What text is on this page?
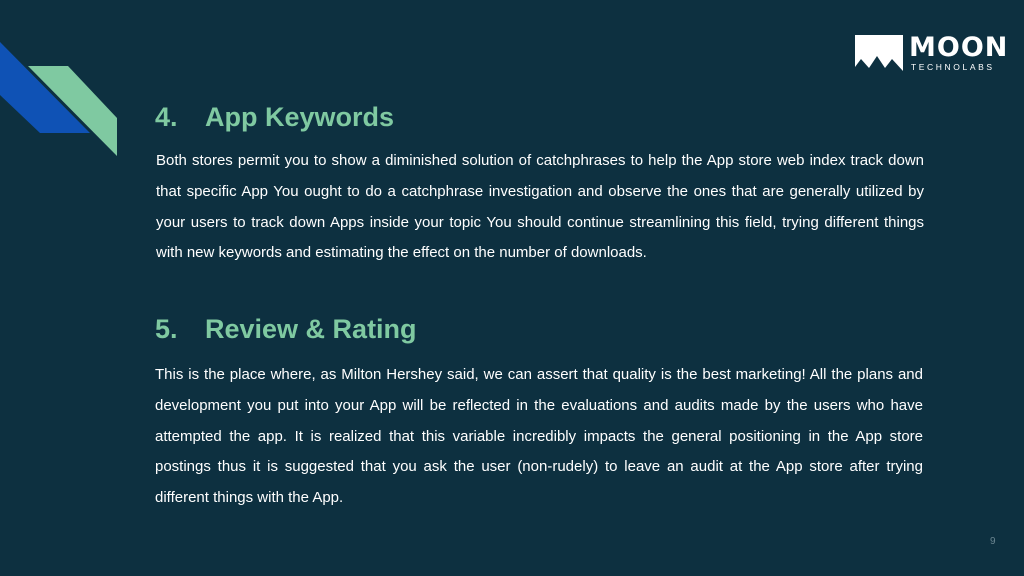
MOON
TECHNOLABS
4. App Keywords

Both stores permit you to show a diminished solution of catchphrases to help the App store web index track down that specific App You ought to do a catchphrase investigation and observe the ones that are generally utilized by your users to track down Apps inside your topic You should continue streamlining this field, trying different things with new keywords and estimating the effect on the number of downloads.

5. Review & Rating

This is the place where, as Milton Hershey said, we can assert that quality is the best marketing! All the plans and development you put into your App will be reflected in the evaluations and audits made by the users who have attempted the app. It is realized that this variable incredibly impacts the general positioning in the App store postings thus it is suggested that you ask the user (non-rudely) to leave an audit at the App store after trying different things with the App.

9
